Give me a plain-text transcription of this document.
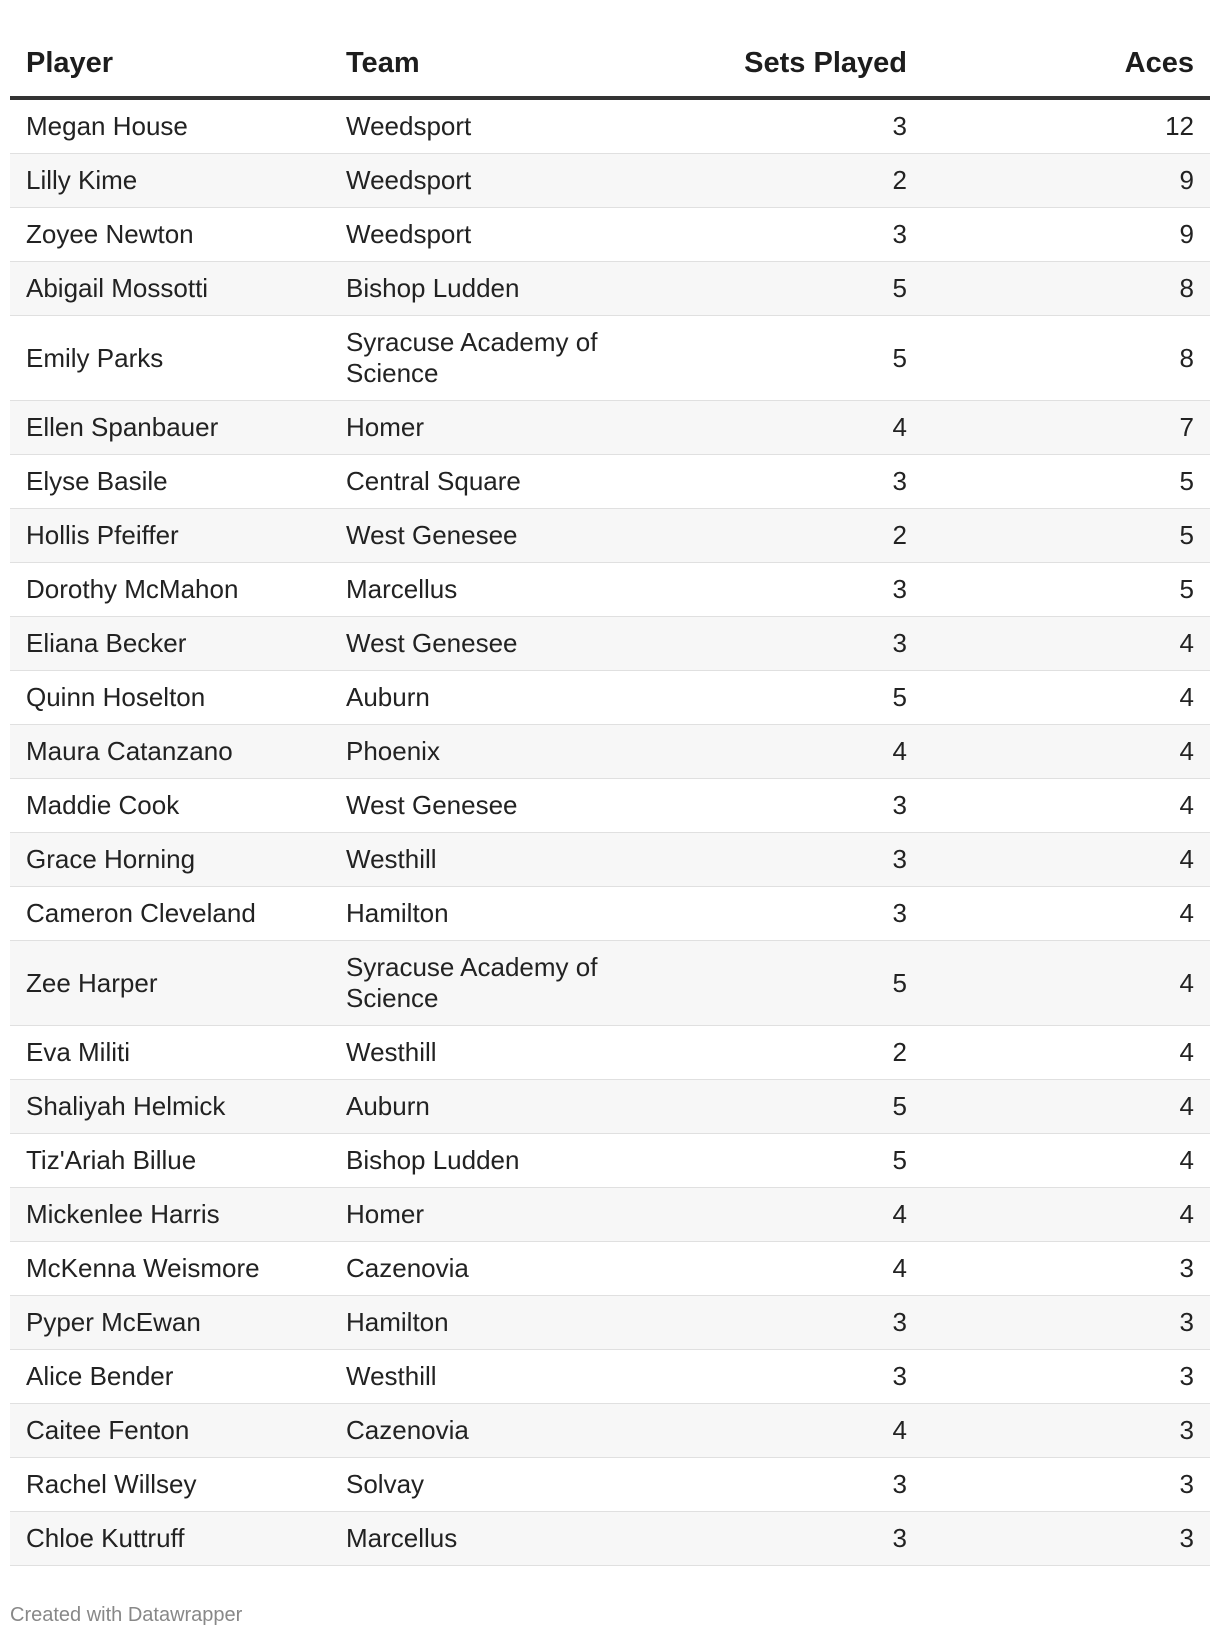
Player	Team	Sets Played	Aces
Megan House	Weedsport	3	12
Lilly Kime	Weedsport	2	9
Zoyee Newton	Weedsport	3	9
Abigail Mossotti	Bishop Ludden	5	8
Emily Parks	Syracuse Academy of Science	5	8
Ellen Spanbauer	Homer	4	7
Elyse Basile	Central Square	3	5
Hollis Pfeiffer	West Genesee	2	5
Dorothy McMahon	Marcellus	3	5
Eliana Becker	West Genesee	3	4
Quinn Hoselton	Auburn	5	4
Maura Catanzano	Phoenix	4	4
Maddie Cook	West Genesee	3	4
Grace Horning	Westhill	3	4
Cameron Cleveland	Hamilton	3	4
Zee Harper	Syracuse Academy of Science	5	4
Eva Militi	Westhill	2	4
Shaliyah Helmick	Auburn	5	4
Tiz'Ariah Billue	Bishop Ludden	5	4
Mickenlee Harris	Homer	4	4
McKenna Weismore	Cazenovia	4	3
Pyper McEwan	Hamilton	3	3
Alice Bender	Westhill	3	3
Caitee Fenton	Cazenovia	4	3
Rachel Willsey	Solvay	3	3
Chloe Kuttruff	Marcellus	3	3
Created with Datawrapper
